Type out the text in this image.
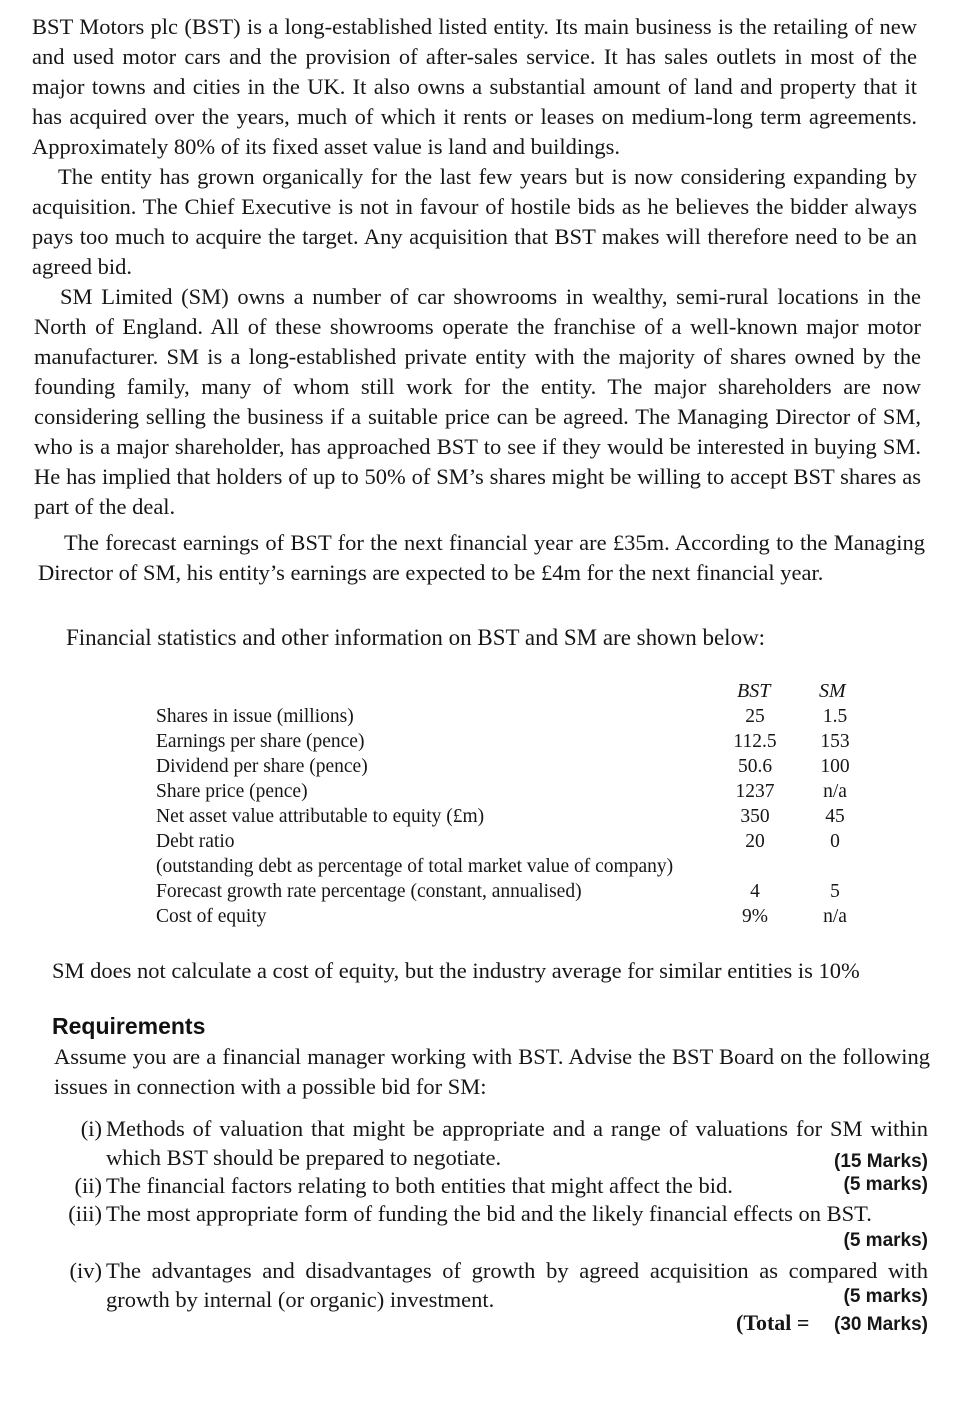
BST Motors plc (BST) is a long-established listed entity. Its main business is the retailing of new and used motor cars and the provision of after-sales service. It has sales outlets in most of the major towns and cities in the UK. It also owns a substantial amount of land and property that it has acquired over the years, much of which it rents or leases on medium-long term agreements. Approximately 80% of its fixed asset value is land and buildings.

The entity has grown organically for the last few years but is now considering expanding by acquisition. The Chief Executive is not in favour of hostile bids as he believes the bidder always pays too much to acquire the target. Any acquisition that BST makes will therefore need to be an agreed bid.

SM Limited (SM) owns a number of car showrooms in wealthy, semi-rural locations in the North of England. All of these showrooms operate the franchise of a well-known major motor manufacturer. SM is a long-established private entity with the majority of shares owned by the founding family, many of whom still work for the entity. The major shareholders are now considering selling the business if a suitable price can be agreed. The Managing Director of SM, who is a major shareholder, has approached BST to see if they would be interested in buying SM. He has implied that holders of up to 50% of SM’s shares might be willing to accept BST shares as part of the deal.

The forecast earnings of BST for the next financial year are £35m. According to the Managing Director of SM, his entity’s earnings are expected to be £4m for the next financial year.

Financial statistics and other information on BST and SM are shown below:

BST SM
Shares in issue (millions)	25	1.5
Earnings per share (pence)	112.5	153
Dividend per share (pence)	50.6	100
Share price (pence)	1237	n/a
Net asset value attributable to equity (£m)	350	45
Debt ratio	20	0
(outstanding debt as percentage of total market value of company)
Forecast growth rate percentage (constant, annualised)	4	5
Cost of equity	9%	n/a

SM does not calculate a cost of equity, but the industry average for similar entities is 10%

Requirements

Assume you are a financial manager working with BST. Advise the BST Board on the following issues in connection with a possible bid for SM:

(i) Methods of valuation that might be appropriate and a range of valuations for SM within which BST should be prepared to negotiate.	(15 Marks)
(ii) The financial factors relating to both entities that might affect the bid.	(5 marks)
(iii) The most appropriate form of funding the bid and the likely financial effects on BST.
(5 marks)
(iv) The advantages and disadvantages of growth by agreed acquisition as compared with growth by internal (or organic) investment.	(5 marks)
(Total = (30 Marks)
